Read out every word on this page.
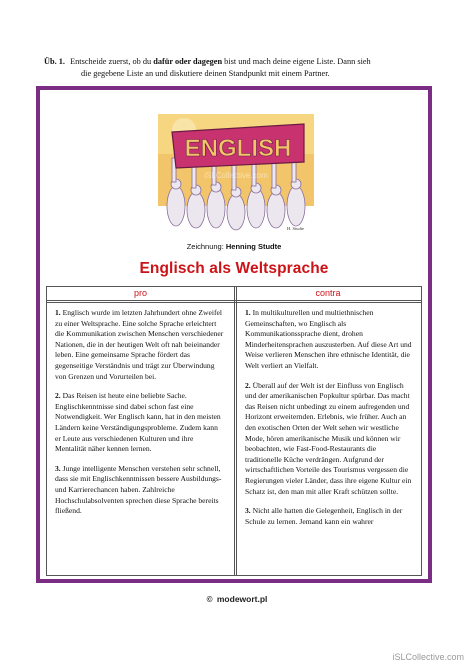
Üb. 1. Entscheide zuerst, ob du dafür oder dagegen bist und mach deine eigene Liste. Dann sieh
die gegebene Liste an und diskutiere deinen Standpunkt mit einem Partner.
ENGLISH
iSLCollective.com
H. Studte
Zeichnung: Henning Studte
Englisch als Weltsprache
pro	contra

1. Englisch wurde im letzten Jahrhundert ohne Zweifel zu einer Weltsprache. Eine solche Sprache erleichtert die Kommunikation zwischen Menschen verschiedener Nationen, die in der heutigen Welt oft nah beieinander leben. Eine gemeinsame Sprache fördert das gegenseitige Verständnis und trägt zur Überwindung von Grenzen und Vorurteilen bei.

2. Das Reisen ist heute eine beliebte Sache. Englischkenntnisse sind dabei schon fast eine Notwendigkeit. Wer Englisch kann, hat in den meisten Ländern keine Verständigungsprobleme. Zudem kann er Leute aus verschiedenen Kulturen und ihre Mentalität näher kennen lernen.

3. Junge intelligente Menschen verstehen sehr schnell, dass sie mit Englischkenntnissen bessere Ausbildungs- und Karrierechancen haben. Zahlreiche Hochschulabsolventen sprechen diese Sprache bereits fließend.

1. In multikulturellen und multiethnischen Gemeinschaften, wo Englisch als Kommunikationssprache dient, drohen Minderheitensprachen auszusterben. Auf diese Art und Weise verlieren Menschen ihre ethnische Identität, die Welt verliert an Vielfalt.

2. Überall auf der Welt ist der Einfluss von Englisch und der amerikanischen Popkultur spürbar. Das macht das Reisen nicht unbedingt zu einem aufregenden und Horizont erweiternden. Erlebnis, wie früher. Auch an den exotischen Orten der Welt sehen wir westliche Mode, hören amerikanische Musik und können wir beobachten, wie Fast-Food-Restaurants die traditionelle Küche verdrängen. Aufgrund der wirtschaftlichen Vorteile des Tourismus vergessen die Regierungen vieler Länder, dass ihre eigene Kultur ein Schatz ist, den man mit aller Kraft schützen sollte.

3. Nicht alle hatten die Gelegenheit, Englisch in der Schule zu lernen. Jemand kann ein wahrer

© modewort.pl
iSLCollective.com
